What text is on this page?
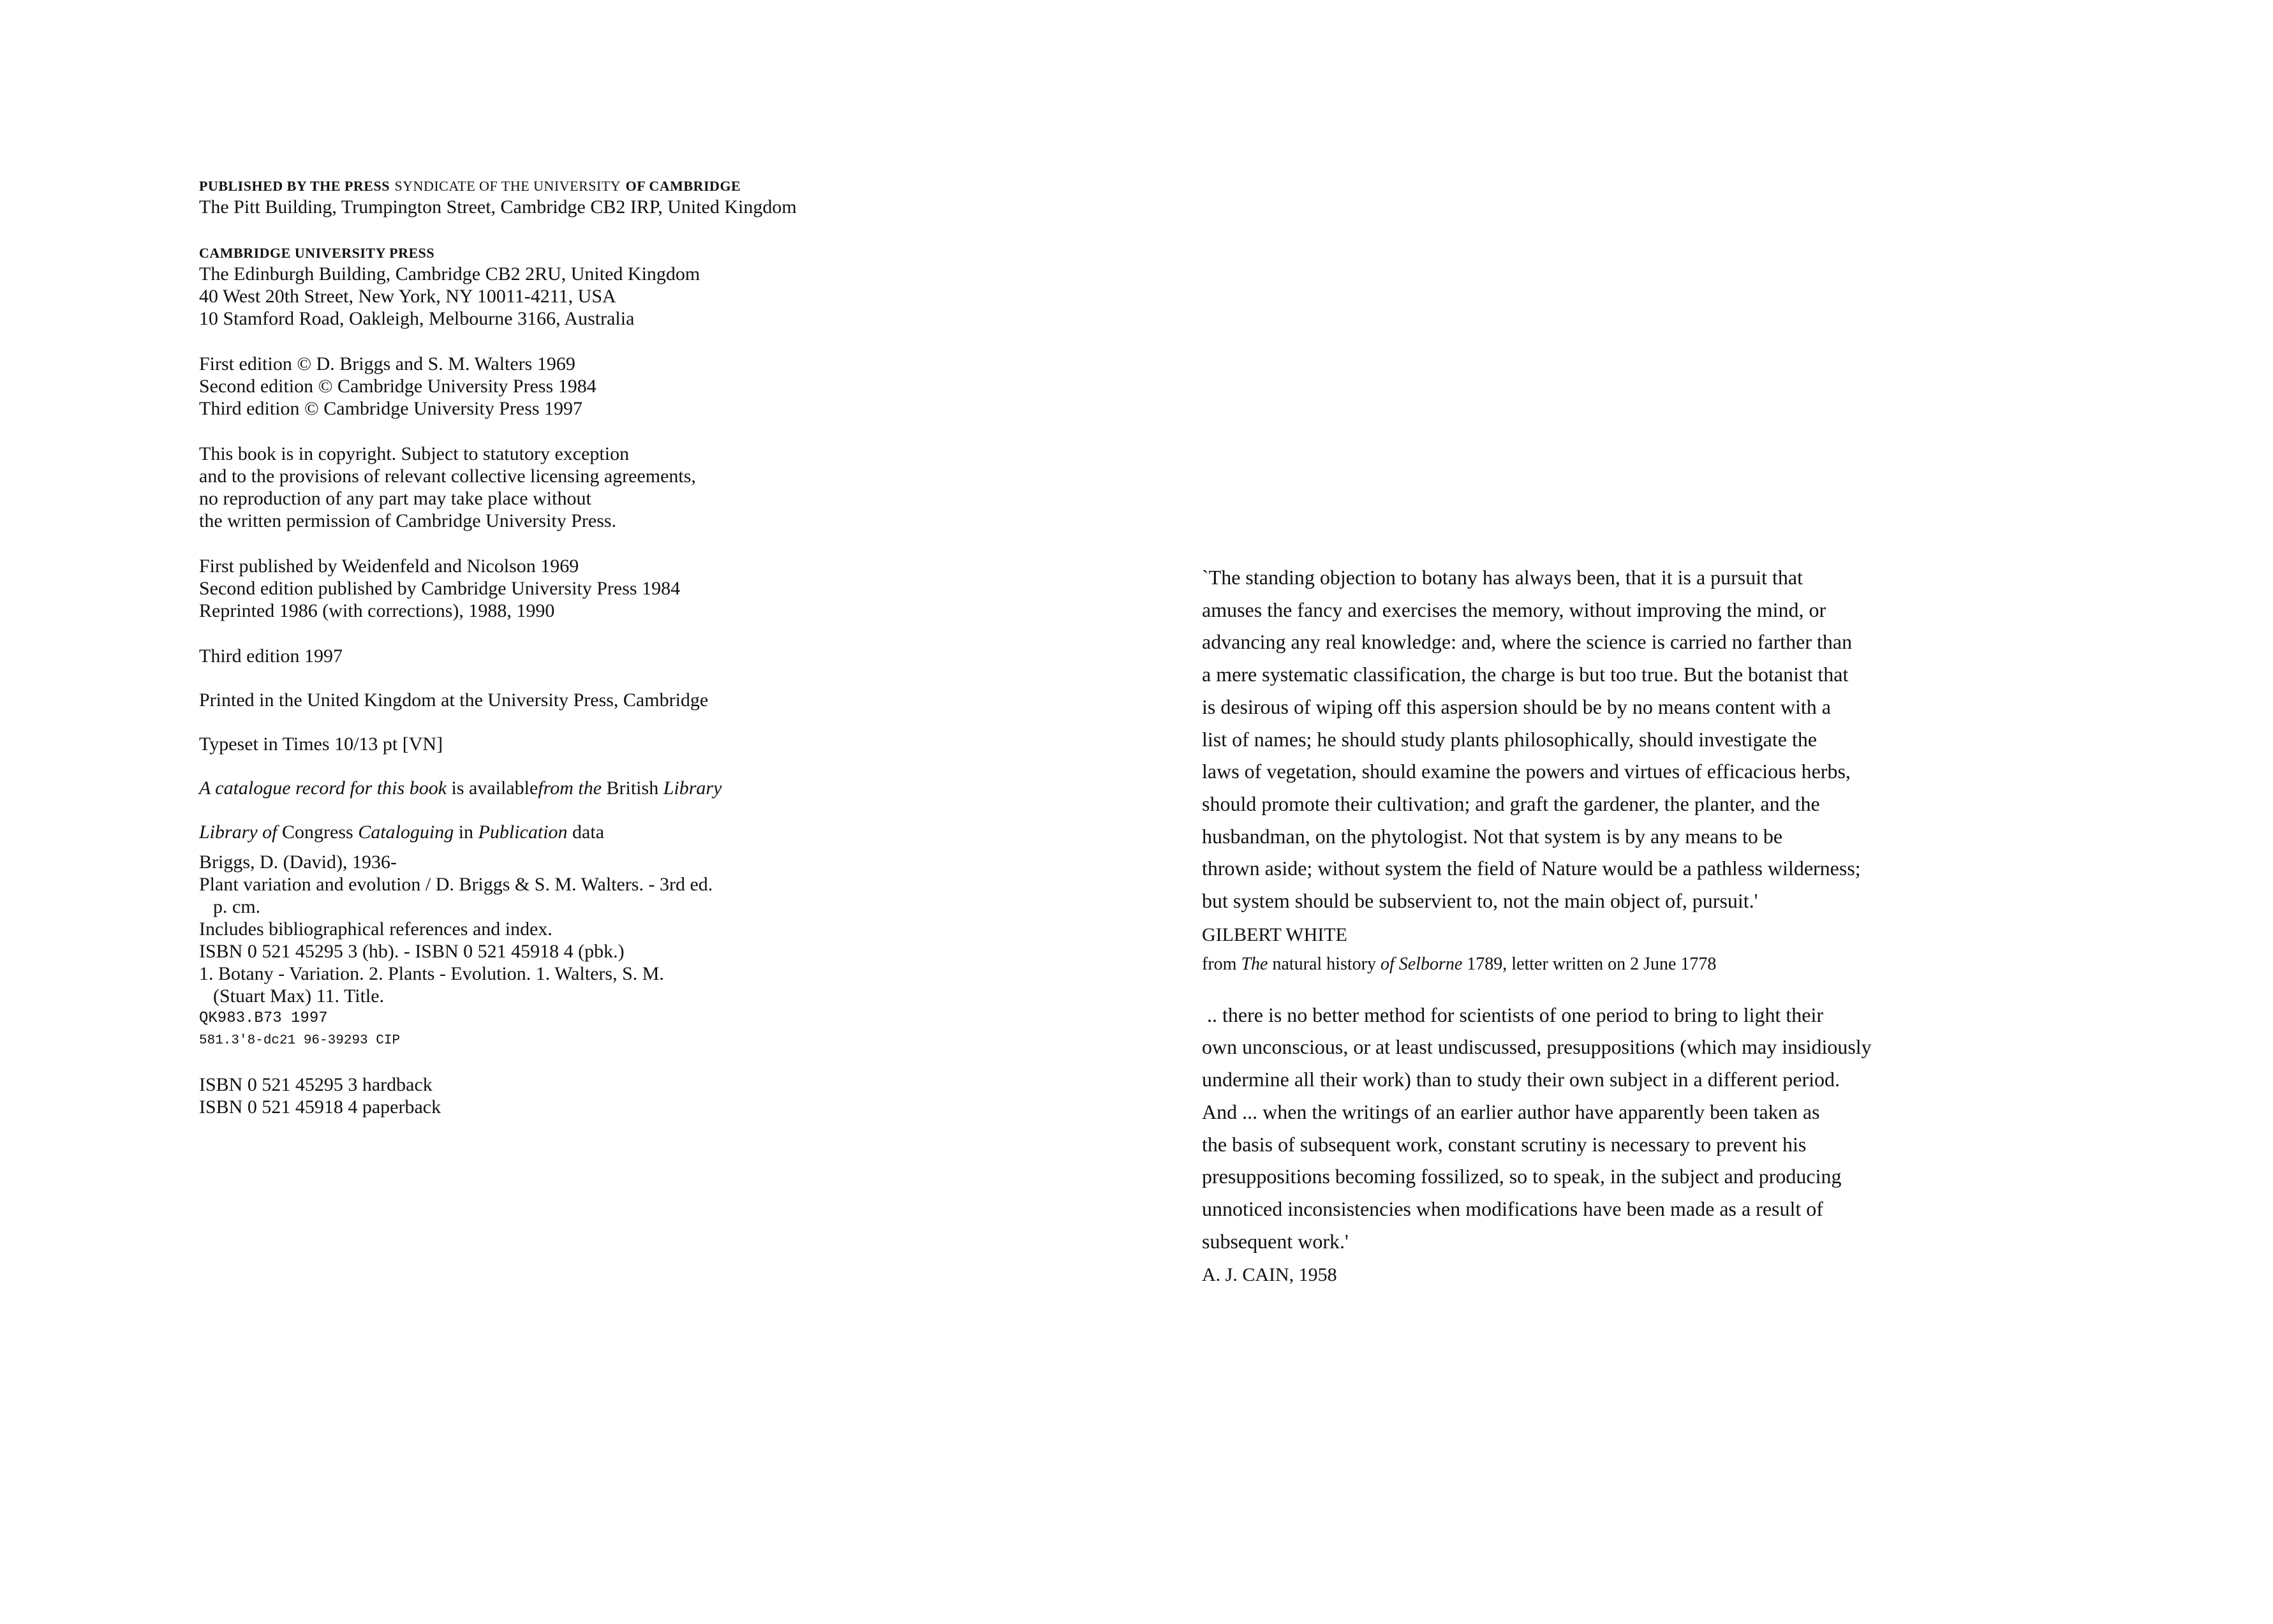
PUBLISHED BY THE PRESS SYNDICATE OF THE UNIVERSITY OF CAMBRIDGE
The Pitt Building, Trumpington Street, Cambridge CB2 IRP, United Kingdom
CAMBRIDGE UNIVERSITY PRESS
The Edinburgh Building, Cambridge CB2 2RU, United Kingdom
40 West 20th Street, New York, NY 10011-4211, USA
10 Stamford Road, Oakleigh, Melbourne 3166, Australia
First edition © D. Briggs and S. M. Walters 1969
Second edition © Cambridge University Press 1984
Third edition © Cambridge University Press 1997
This book is in copyright. Subject to statutory exception
and to the provisions of relevant collective licensing agreements,
no reproduction of any part may take place without
the written permission of Cambridge University Press.
First published by Weidenfeld and Nicolson 1969
Second edition published by Cambridge University Press 1984
Reprinted 1986 (with corrections), 1988, 1990
Third edition 1997
Printed in the United Kingdom at the University Press, Cambridge
Typeset in Times 10/13 pt [VN]
A catalogue record for this book is availablefrom the British Library
Library of Congress Cataloguing in Publication data
Briggs, D. (David), 1936-
Plant variation and evolution / D. Briggs & S. M. Walters. - 3rd ed.
p. cm.
Includes bibliographical references and index.
ISBN 0 521 45295 3 (hb). - ISBN 0 521 45918 4 (pbk.)
1. Botany - Variation. 2. Plants - Evolution. 1. Walters, S. M.
(Stuart Max) 11. Title.
QK983.B73 1997
581.3'8-dc21 96-39293 CIP
ISBN 0 521 45295 3 hardback
ISBN 0 521 45918 4 paperback
`The standing objection to botany has always been, that it is a pursuit that
amuses the fancy and exercises the memory, without improving the mind, or
advancing any real knowledge: and, where the science is carried no farther than
a mere systematic classification, the charge is but too true. But the botanist that
is desirous of wiping off this aspersion should be by no means content with a
list of names; he should study plants philosophically, should investigate the
laws of vegetation, should examine the powers and virtues of efficacious herbs,
should promote their cultivation; and graft the gardener, the planter, and the
husbandman, on the phytologist. Not that system is by any means to be
thrown aside; without system the field of Nature would be a pathless wilderness;
but system should be subservient to, not the main object of, pursuit.'
GILBERT WHITE
from The natural history of Selborne 1789, letter written on 2 June 1778
.. there is no better method for scientists of one period to bring to light their
own unconscious, or at least undiscussed, presuppositions (which may insidiously
undermine all their work) than to study their own subject in a different period.
And ... when the writings of an earlier author have apparently been taken as
the basis of subsequent work, constant scrutiny is necessary to prevent his
presuppositions becoming fossilized, so to speak, in the subject and producing
unnoticed inconsistencies when modifications have been made as a result of
subsequent work.'
A. J. CAIN, 1958
